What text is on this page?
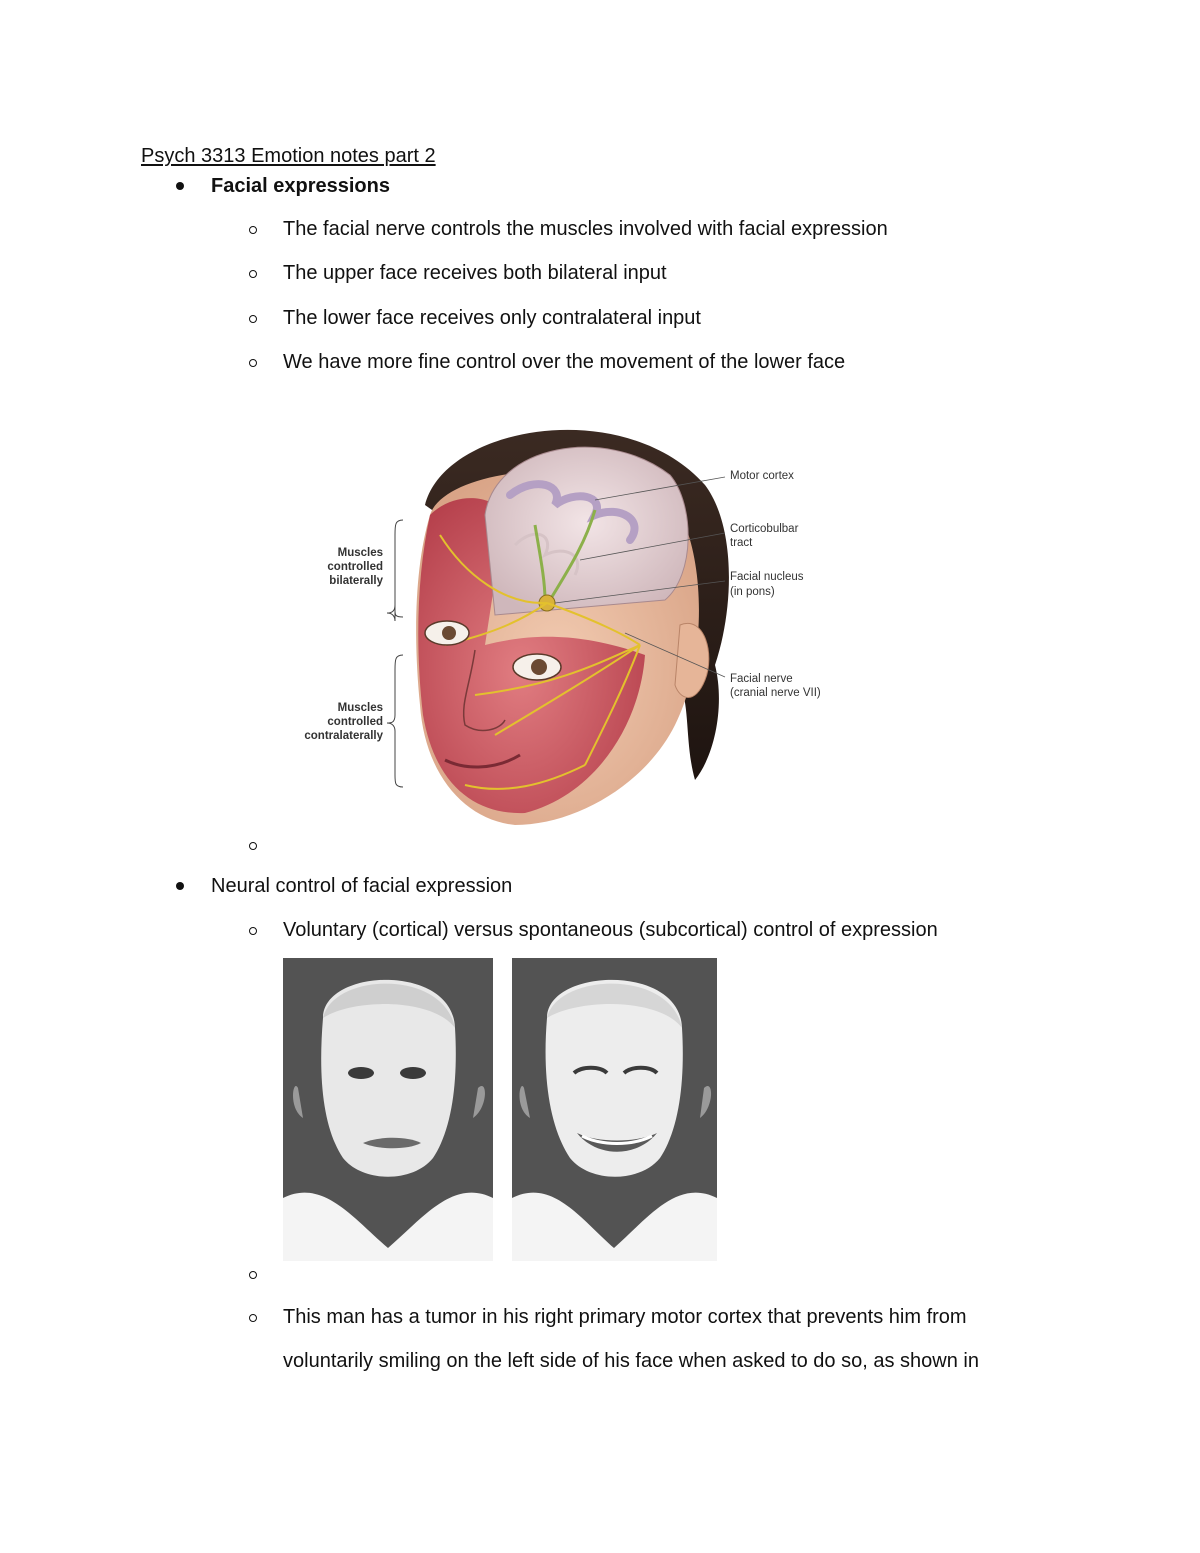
Psych 3313 Emotion notes part 2
Facial expressions
The facial nerve controls the muscles involved with facial expression
The upper face receives both bilateral input
The lower face receives only contralateral input
We have more fine control over the movement of the lower face
Muscles
controlled
bilaterally
Muscles
controlled
contralaterally
Motor cortex
Corticobulbar
tract
Facial nucleus
(in pons)
Facial nerve
(cranial nerve VII)
Neural control of facial expression
Voluntary (cortical) versus spontaneous (subcortical) control of expression
This man has a tumor in his right primary motor cortex that prevents him from
voluntarily smiling on the left side of his face when asked to do so, as shown in
